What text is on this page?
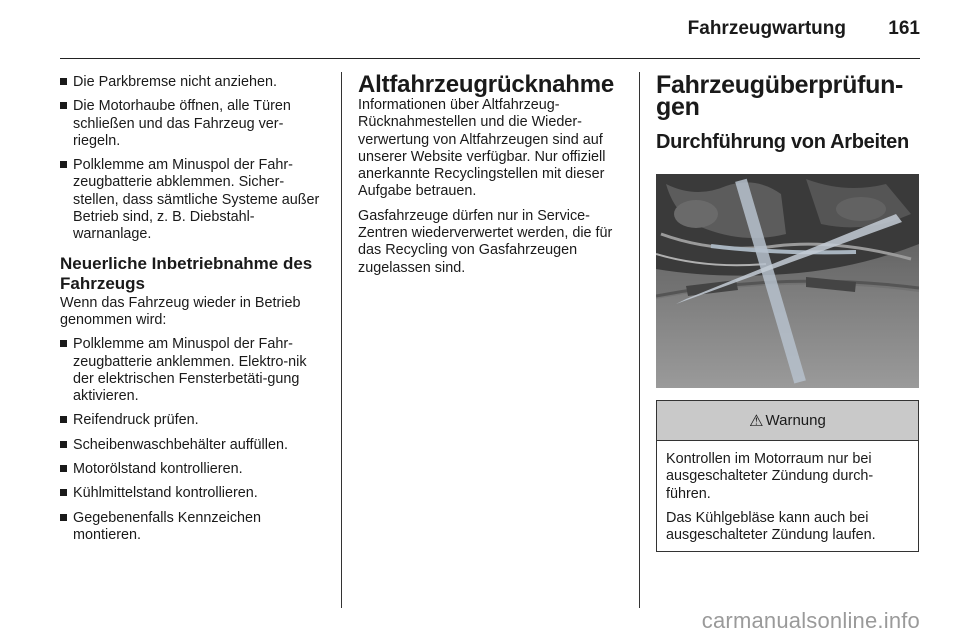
Fahrzeugwartung 161
Die Parkbremse nicht anziehen.
Die Motorhaube öffnen, alle Türen schließen und das Fahrzeug ver-riegeln.
Polklemme am Minuspol der Fahr-zeugbatterie abklemmen. Sicher-stellen, dass sämtliche Systeme außer Betrieb sind, z. B. Diebstahl-warnanlage.
Neuerliche Inbetriebnahme des Fahrzeugs

Wenn das Fahrzeug wieder in Betrieb genommen wird:

Polklemme am Minuspol der Fahr-zeugbatterie anklemmen. Elektro-nik der elektrischen Fensterbetäti-gung aktivieren.
Reifendruck prüfen.
Scheibenwaschbehälter auffüllen.
Motorölstand kontrollieren.
Kühlmittelstand kontrollieren.
Gegebenenfalls Kennzeichen montieren.
Altfahrzeugrücknahme

Informationen über Altfahrzeug-Rücknahmestellen und die Wieder-verwertung von Altfahrzeugen sind auf unserer Website verfügbar. Nur offiziell anerkannte Recyclingstellen mit dieser Aufgabe betrauen.

Gasfahrzeuge dürfen nur in Service-Zentren wiederverwertet werden, die für das Recycling von Gasfahrzeugen zugelassen sind.

Fahrzeugüberprüfun-
gen
Durchführung von Arbeiten
⚠ Warnung

Kontrollen im Motorraum nur bei ausgeschalteter Zündung durch-führen.

Das Kühlgebläse kann auch bei ausgeschalteter Zündung laufen.

carmanualsonline.info
